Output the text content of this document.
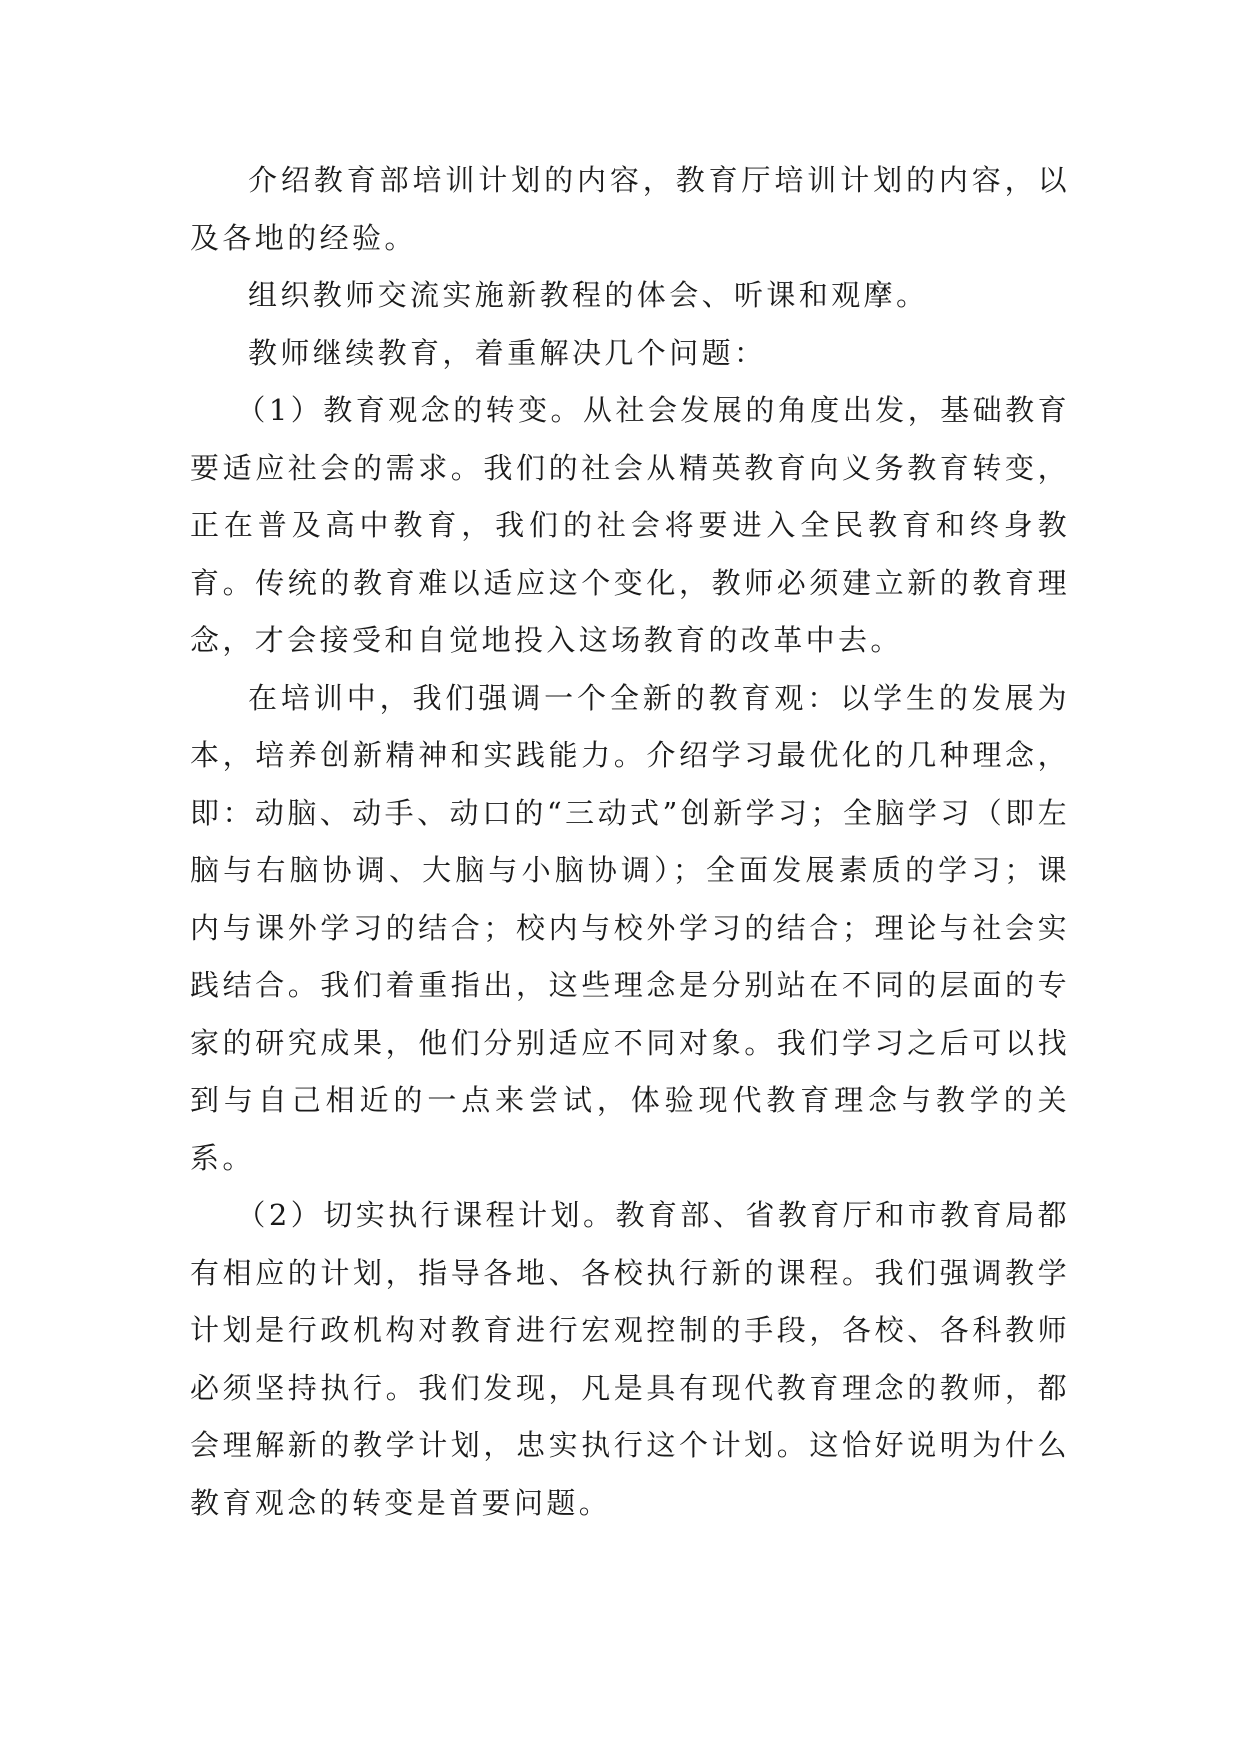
介绍教育部培训计划的内容，教育厅培训计划的内容，以及各地的经验。

组织教师交流实施新教程的体会、听课和观摩。

教师继续教育，着重解决几个问题：

（1）教育观念的转变。从社会发展的角度出发，基础教育要适应社会的需求。我们的社会从精英教育向义务教育转变，正在普及高中教育，我们的社会将要进入全民教育和终身教育。传统的教育难以适应这个变化，教师必须建立新的教育理念，才会接受和自觉地投入这场教育的改革中去。

在培训中，我们强调一个全新的教育观：以学生的发展为本，培养创新精神和实践能力。介绍学习最优化的几种理念，即：动脑、动手、动口的“三动式”创新学习；全脑学习（即左脑与右脑协调、大脑与小脑协调）；全面发展素质的学习；课内与课外学习的结合；校内与校外学习的结合；理论与社会实践结合。我们着重指出，这些理念是分别站在不同的层面的专家的研究成果，他们分别适应不同对象。我们学习之后可以找到与自己相近的一点来尝试，体验现代教育理念与教学的关系。

（2）切实执行课程计划。教育部、省教育厅和市教育局都有相应的计划，指导各地、各校执行新的课程。我们强调教学计划是行政机构对教育进行宏观控制的手段，各校、各科教师必须坚持执行。我们发现，凡是具有现代教育理念的教师，都会理解新的教学计划，忠实执行这个计划。这恰好说明为什么教育观念的转变是首要问题。
